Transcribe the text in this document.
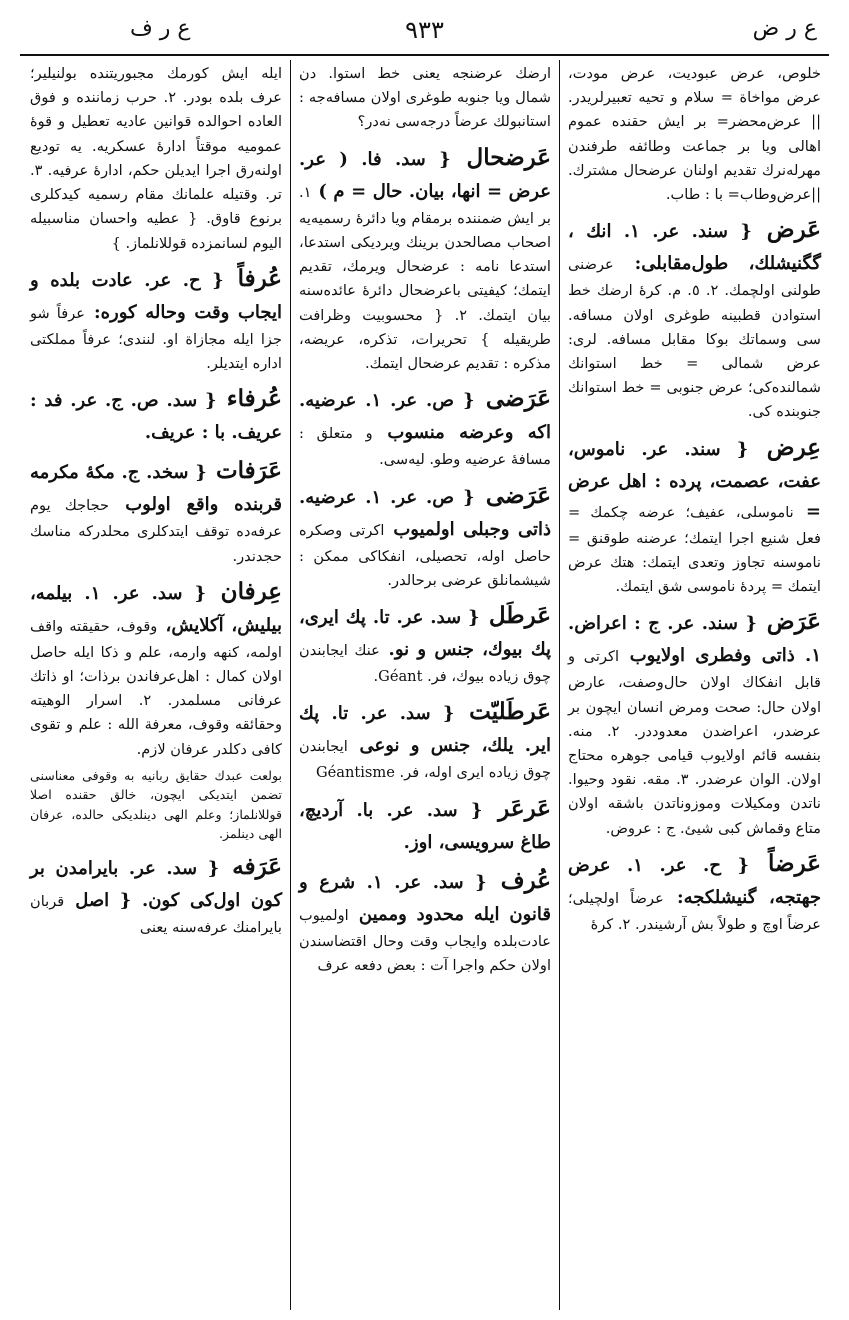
ع ر ض
۹۳۳
ع ر ف

خلوص، عرض عبودیت، عرض مودت، عرض مواخاة = سلام و تحیه تعبیرلریدر. || عرض‌محضر= بر ایش حقنده عموم اهالی ویا بر جماعت وطائفه طرفندن مهرلەنرك تقدیم اولنان عرضحال مشترك. ||عرض‌وطاب= با : طاب.

عَرض { سند. عر. ۱. انك ، گگنیشلك، طول‌مقابلی: عرضنی طولنی اولچمك. ۲. ٥. م. کرهٔ ارضك خط استوادن قطبینه طوغری اولان مسافه. سی وسماتك بوکا مقابل مسافه. لری: عرض شمالی = خط استوانك شمالنده‌کی؛ عرض جنوبی = خط استوانك جنوبنده کی.
عِرض { سند. عر. ناموس، عفت، عصمت، پرده : اهل عرض = ناموسلی، عفیف؛ عرضه چکمك = فعل شنیع اجرا ایتمك؛ عرضنه طوقنق = ناموسنه تجاوز وتعدی ایتمك: هتك عرض ایتمك = پردهٔ ناموسی شق ایتمك.
عَرَض { سند. عر. ج : اعراض. ۱. ذاتی وفطری اولایوب اکرتی و قابل انفکاك اولان حال‌وصفت، عارض اولان حال: صحت ومرض انسان ایچون بر عرضدر، اعراضدن معدوددر. ۲. منه. بنفسه قائم اولایوب قیامی جوهره محتاج اولان. الوان عرضدر. ۳. مقه. نقود وحیوا. ناتدن ومکیلات وموزوناتدن باشقه اولان متاع وقماش کبی شیئ. ج : عروض.
عَرضاً { ح. عر. ۱. عرض جهتجه، گنیشلکجه: عرضاً اولچیلی؛ عرضاً اوچ و طولاً بش آرشیندر. ۲. کرهٔ

ارضك عرضنجه یعنی خط استوا. دن شمال ویا جنوبه طوغری اولان مسافه‌جه : استانبولك عرضاً درجه‌سی نه‌در؟

عَرضحال { سد. فا. ( عر. عرض = انها، بیان. حال = م ) ۱. بر ایش ضمننده برمقام ویا دائرهٔ رسمیه‌یه اصحاب مصالحدن برینك ویردیکی استدعا، استدعا نامه : عرضحال ویرمك، تقدیم ایتمك؛ کیفیتی باعرضحال دائرهٔ عائده‌سنه بیان ایتمك. ۲. { محسوبیت وظرافت طریقیله } تحریرات، تذکره، عریضه، مذکره : تقدیم عرضحال ایتمك.
عَرَضی { ص. عر. ۱. عرضیه. اکه وعرضه منسوب و متعلق : مسافهٔ عرضیه وطو. لیه‌سی.
عَرَضی { ص. عر. ۱. عرضیه. ذاتی وجبلی اولمیوب اکرتی وصکره حاصل اوله، تحصیلی، انفکاکی ممکن : شیشمانلق عرضی برحالدر.
عَرطَل { سد. عر. تا. پك ایری، پك بیوك، جنس و نو. عنك ایجابندن چوق زیاده بیوك، فر. Géant.
عَرطَلیّت { سد. عر. تا. پك ایر. یلك، جنس و نوعی ایجابندن چوق زیاده ایری اوله، فر. Géantisme
عَرعَر { سد. عر. با. آردیچ، طاغ سرویسی، اوز.
عُرف { سد. عر. ۱. شرع و قانون ایله محدود وممین اولمیوب عادت‌بلده وایجاب وقت وحال اقتضاسندن اولان حکم واجرا آت : بعض دفعه عرف

ایله ایش کورمك مجبوریتنده بولنیلیر؛ عرف بلده بودر. ۲. حرب زماننده و فوق العاده احوالده قوانین عادیه تعطیل و قوهٔ عمومیه موقتاً ادارهٔ عسکریه. یه تودیع اولنه‌رق اجرا ایدیلن حکم، ادارهٔ عرفیه. ۳. تر. وقتیله علمانك مقام رسمیه کیدکلری برنوع قاوق. { عطیه واحسان مناسبیله الیوم لسانمزده قوللانلماز. }

عُرفاً { ح. عر. عادت بلده و ایجاب وقت وحاله کوره: عرفاً شو جزا ایله مجازاة او. لنندی؛ عرفاً مملکتی اداره ایتدیلر.
عُرفاء { سد. ص. ج. عر. فد : عریف. با : عریف.
عَرَفات { سخد. ج. مکهٔ مکرمه قربنده واقع اولوب حجاجك یوم عرفه‌ده توقف ایتدکلری محلدرکه مناسك حجدندر.
عِرفان { سد. عر. ۱. بیلمه، بیلیش، آکلایش، وقوف، حقیقته واقف اولمه، کنهه وارمه، علم و ذکا ایله حاصل اولان کمال : اهل‌عرفاندن برذات؛ او ذاتك عرفانی مسلمدر. ۲. اسرار الوهیته وحقائقه وقوف، معرفة الله : علم و تقوی کافی دکلدر عرفان لازم.

بولعت عبدك حقایق ربانیه به وقوفی معناسنی تضمن ایتدیکی ایچون، خالق حقنده اصلا قوللانلماز؛ وعلم الهی دینلدیکی حالده، عرفان الهی دینلمز.

عَرَفه { سد. عر. بایرامدن بر کون اول‌کی کون. { اصل قربان بایرامنك عرفه‌سنه یعنی
